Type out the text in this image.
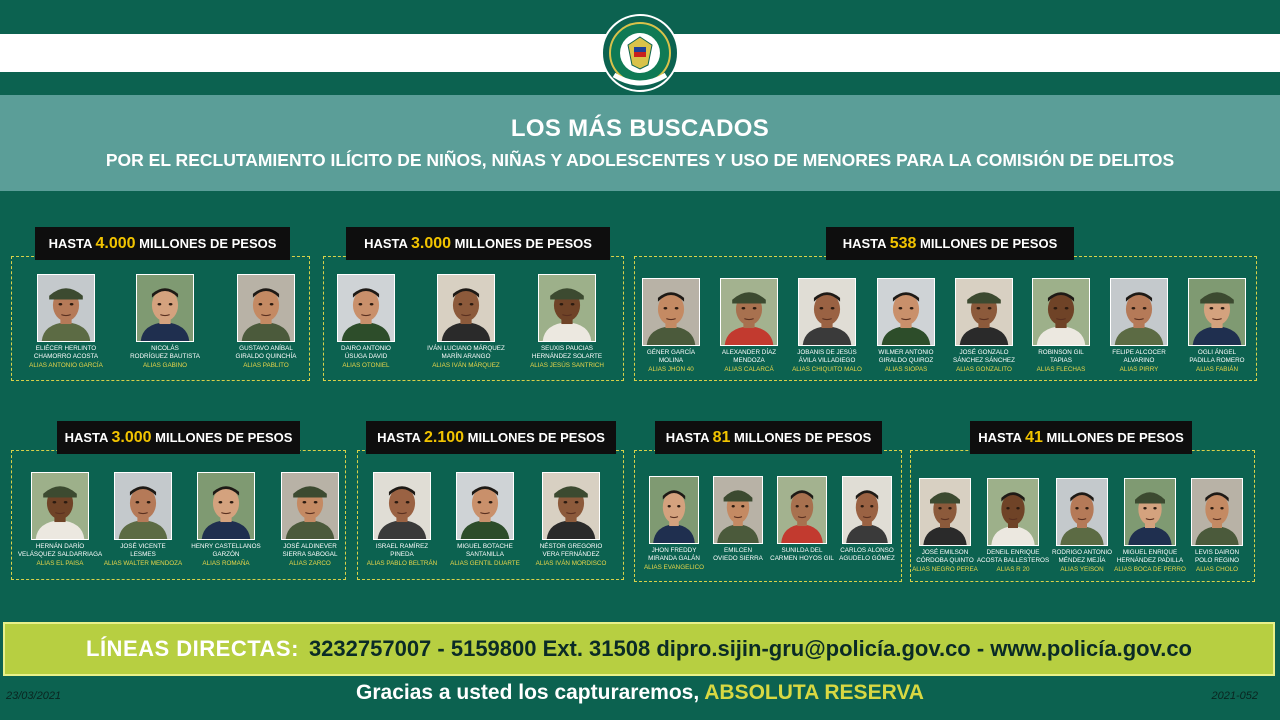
LOS MÁS BUSCADOS
POR EL RECLUTAMIENTO ILÍCITO DE NIÑOS, NIÑAS Y ADOLESCENTES Y USO DE MENORES PARA LA COMISIÓN DE DELITOS
HASTA 4.000 MILLONES DE PESOS
ELIÉCER HERLINTO
CHAMORRO ACOSTA
ALIAS ANTONIO GARCÍA
NICOLÁS
RODRÍGUEZ BAUTISTA
ALIAS GABINO
GUSTAVO ANÍBAL
GIRALDO QUINCHÍA
ALIAS PABLITO
HASTA 3.000 MILLONES DE PESOS
DAIRO ANTONIO
ÚSUGA DAVID
ALIAS OTONIEL
IVÁN LUCIANO MÁRQUEZ
MARÍN ARANGO
ALIAS IVÁN MÁRQUEZ
SEUXIS PAUCIAS
HERNÁNDEZ SOLARTE
ALIAS JESÚS SANTRICH
HASTA 538 MILLONES DE PESOS
GÉNER GARCÍA
MOLINA
ALIAS JHON 40
ALEXANDER DÍAZ
MENDOZA
ALIAS CALARCÁ
JOBANIS DE JESÚS
ÁVILA VILLADIEGO
ALIAS CHIQUITO MALO
WILMER ANTONIO
GIRALDO QUIROZ
ALIAS SIOPAS
JOSÉ GONZALO
SÁNCHEZ SÁNCHEZ
ALIAS GONZALITO
ROBINSON GIL
TAPIAS
ALIAS FLECHAS
FELIPE ALCOCER
ALVARINO
ALIAS PIRRY
OGLI ÁNGEL
PADILLA ROMERO
ALIAS FABIÁN
HASTA 3.000 MILLONES DE PESOS
HERNÁN DARÍO
VELÁSQUEZ SALDARRIAGA
ALIAS EL PAISA
JOSÉ VICENTE
LESMES
ALIAS WALTER MENDOZA
HENRY CASTELLANOS
GARZÓN
ALIAS ROMAÑA
JOSÉ ALDINEVER
SIERRA SABOGAL
ALIAS ZARCO
HASTA 2.100 MILLONES DE PESOS
ISRAEL RAMÍREZ
PINEDA
ALIAS PABLO BELTRÁN
MIGUEL BOTACHE
SANTANILLA
ALIAS GENTIL DUARTE
NÉSTOR GREGORIO
VERA FERNÁNDEZ
ALIAS IVÁN MORDISCO
HASTA 81 MILLONES DE PESOS
JHON FREDDY
MIRANDA GALÁN
ALIAS EVANGELICO
EMILCEN
OVIEDO SIERRA
SUNILDA DEL
CARMEN HOYOS GIL
CARLOS ALONSO
AGUDELO GÓMEZ
HASTA 41 MILLONES DE PESOS
JOSÉ EMILSON
CÓRDOBA QUINTO
ALIAS NEGRO PEREA
DENEIL ENRIQUE
ACOSTA BALLESTEROS
ALIAS R 20
RODRIGO ANTONIO
MÉNDEZ MEJÍA
ALIAS YEISON
MIGUEL ENRIQUE
HERNÁNDEZ PADILLA
ALIAS BOCA DE PERRO
LEVIS DAIRON
POLO REGINO
ALIAS CHOLO
LÍNEAS DIRECTAS: 3232757007 - 5159800 Ext. 31508 dipro.sijin-gru@policía.gov.co - www.policía.gov.co
Gracias a usted los capturaremos, ABSOLUTA RESERVA
23/03/2021	2021-052
